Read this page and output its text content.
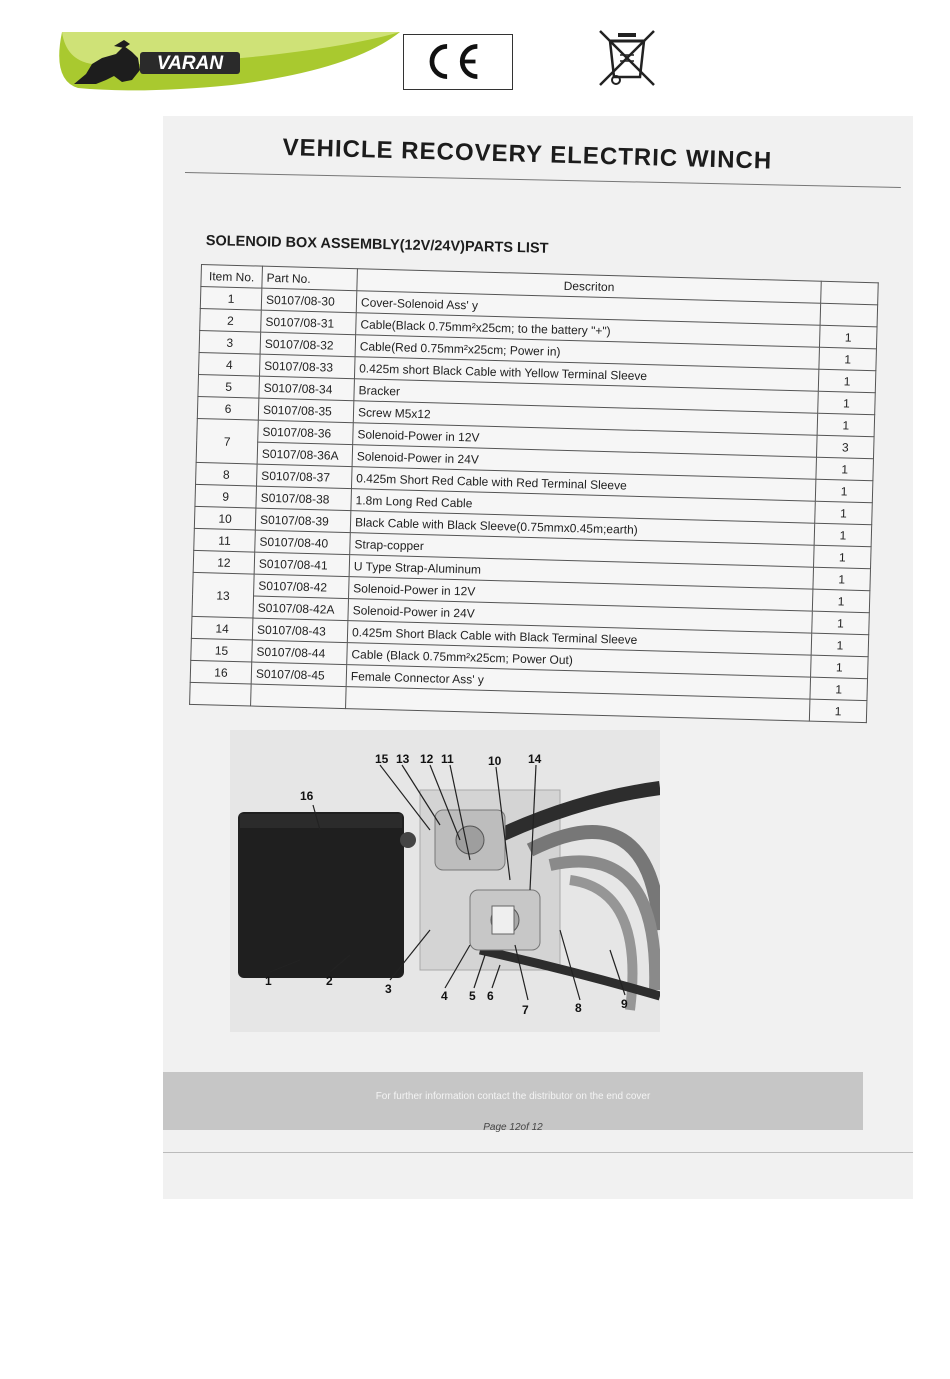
VARAN
VEHICLE RECOVERY ELECTRIC WINCH
SOLENOID BOX ASSEMBLY(12V/24V)PARTS LIST
Item No.	Part No.	Descriton	
1	S0107/08-30	Cover-Solenoid Ass' y	
2	S0107/08-31	Cable(Black 0.75mm²x25cm; to the battery "+")	1
3	S0107/08-32	Cable(Red 0.75mm²x25cm; Power in)	1
4	S0107/08-33	0.425m short Black Cable with Yellow Terminal Sleeve	1
5	S0107/08-34	Bracker	1
6	S0107/08-35	Screw M5x12	1
7	S0107/08-36	Solenoid-Power in 12V	3
	S0107/08-36A	Solenoid-Power in 24V	1
8	S0107/08-37	0.425m Short Red Cable with Red Terminal Sleeve	1
9	S0107/08-38	1.8m Long Red Cable	1
10	S0107/08-39	Black Cable with Black Sleeve(0.75mmx0.45m;earth)	1
11	S0107/08-40	Strap-copper	1
12	S0107/08-41	U Type Strap-Aluminum	1
13	S0107/08-42	Solenoid-Power in 12V	1
	S0107/08-42A	Solenoid-Power in 24V	1
14	S0107/08-43	0.425m Short Black Cable with Black Terminal Sleeve	1
15	S0107/08-44	Cable (Black 0.75mm²x25cm; Power Out)	1
16	S0107/08-45	Female Connector Ass' y	1
			1
16
15 13 12 11	10 14
1	2
3	4 5 6
7	8	9
For further information contact the distributor on the end cover
Page 12of 12
